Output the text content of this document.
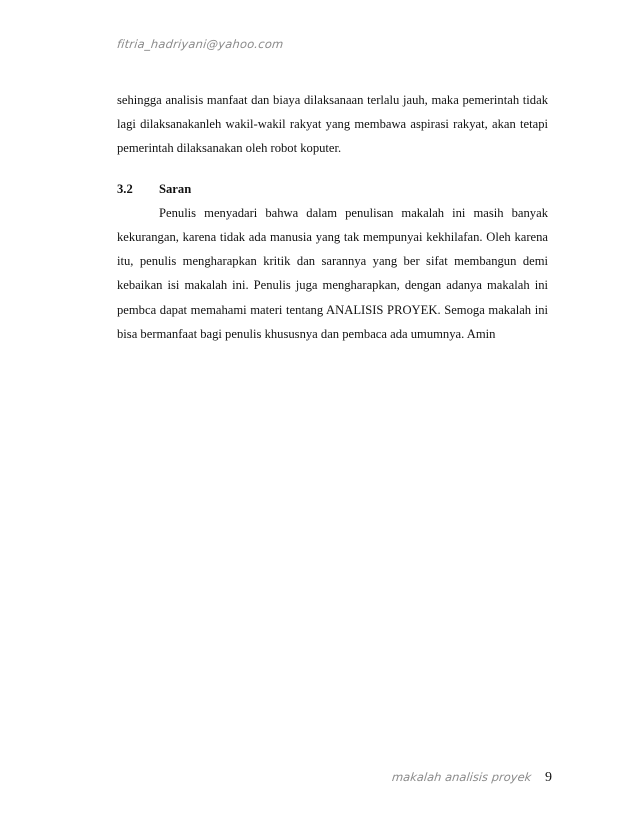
fitria_hadriyani@yahoo.com

sehingga analisis manfaat dan biaya dilaksanaan terlalu jauh, maka pemerintah tidak lagi dilaksanakanleh wakil-wakil rakyat yang membawa aspirasi rakyat, akan tetapi pemerintah dilaksanakan oleh robot koputer.

3.2	Saran

Penulis menyadari bahwa dalam penulisan makalah ini masih banyak kekurangan, karena tidak ada manusia yang tak mempunyai kekhilafan. Oleh karena itu, penulis mengharapkan kritik dan sarannya yang ber sifat membangun demi kebaikan isi makalah ini. Penulis juga mengharapkan, dengan adanya makalah ini pembca dapat memahami materi tentang ANALISIS PROYEK. Semoga makalah ini bisa bermanfaat bagi penulis khususnya dan pembaca ada umumnya. Amin

makalah analisis proyek 9
